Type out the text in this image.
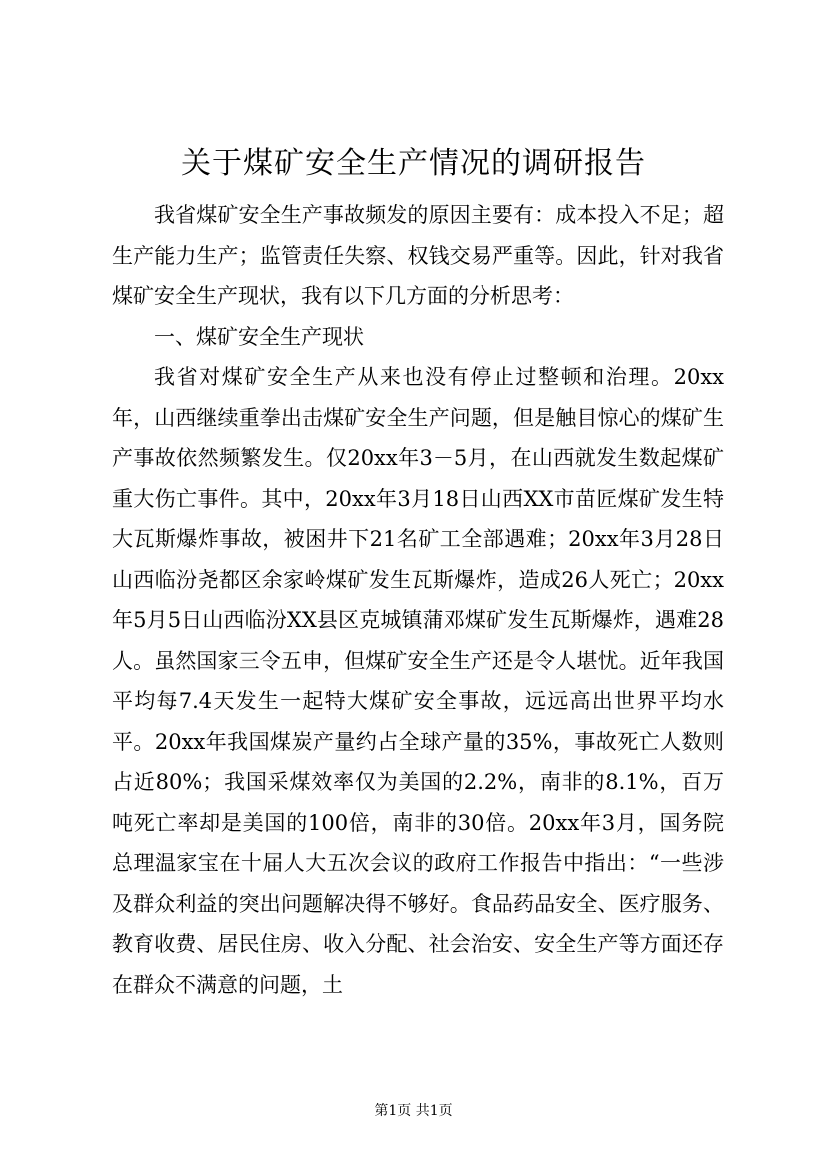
关于煤矿安全生产情况的调研报告

我省煤矿安全生产事故频发的原因主要有：成本投入不足；超生产能力生产；监管责任失察、权钱交易严重等。因此，针对我省煤矿安全生产现状，我有以下几方面的分析思考：

一、煤矿安全生产现状

我省对煤矿安全生产从来也没有停止过整顿和治理。20xx年，山西继续重拳出击煤矿安全生产问题，但是触目惊心的煤矿生产事故依然频繁发生。仅20xx年3－5月，在山西就发生数起煤矿重大伤亡事件。其中，20xx年3月18日山西XX市苗匠煤矿发生特大瓦斯爆炸事故，被困井下21名矿工全部遇难；20xx年3月28日山西临汾尧都区余家岭煤矿发生瓦斯爆炸，造成26人死亡；20xx年5月5日山西临汾XX县区克城镇蒲邓煤矿发生瓦斯爆炸，遇难28人。虽然国家三令五申，但煤矿安全生产还是令人堪忧。近年我国平均每7.4天发生一起特大煤矿安全事故，远远高出世界平均水平。20xx年我国煤炭产量约占全球产量的35%，事故死亡人数则占近80%；我国采煤效率仅为美国的2.2%，南非的8.1%，百万吨死亡率却是美国的100倍，南非的30倍。20xx年3月，国务院总理温家宝在十届人大五次会议的政府工作报告中指出：“一些涉及群众利益的突出问题解决得不够好。食品药品安全、医疗服务、教育收费、居民住房、收入分配、社会治安、安全生产等方面还存在群众不满意的问题，土

第1页 共1页
